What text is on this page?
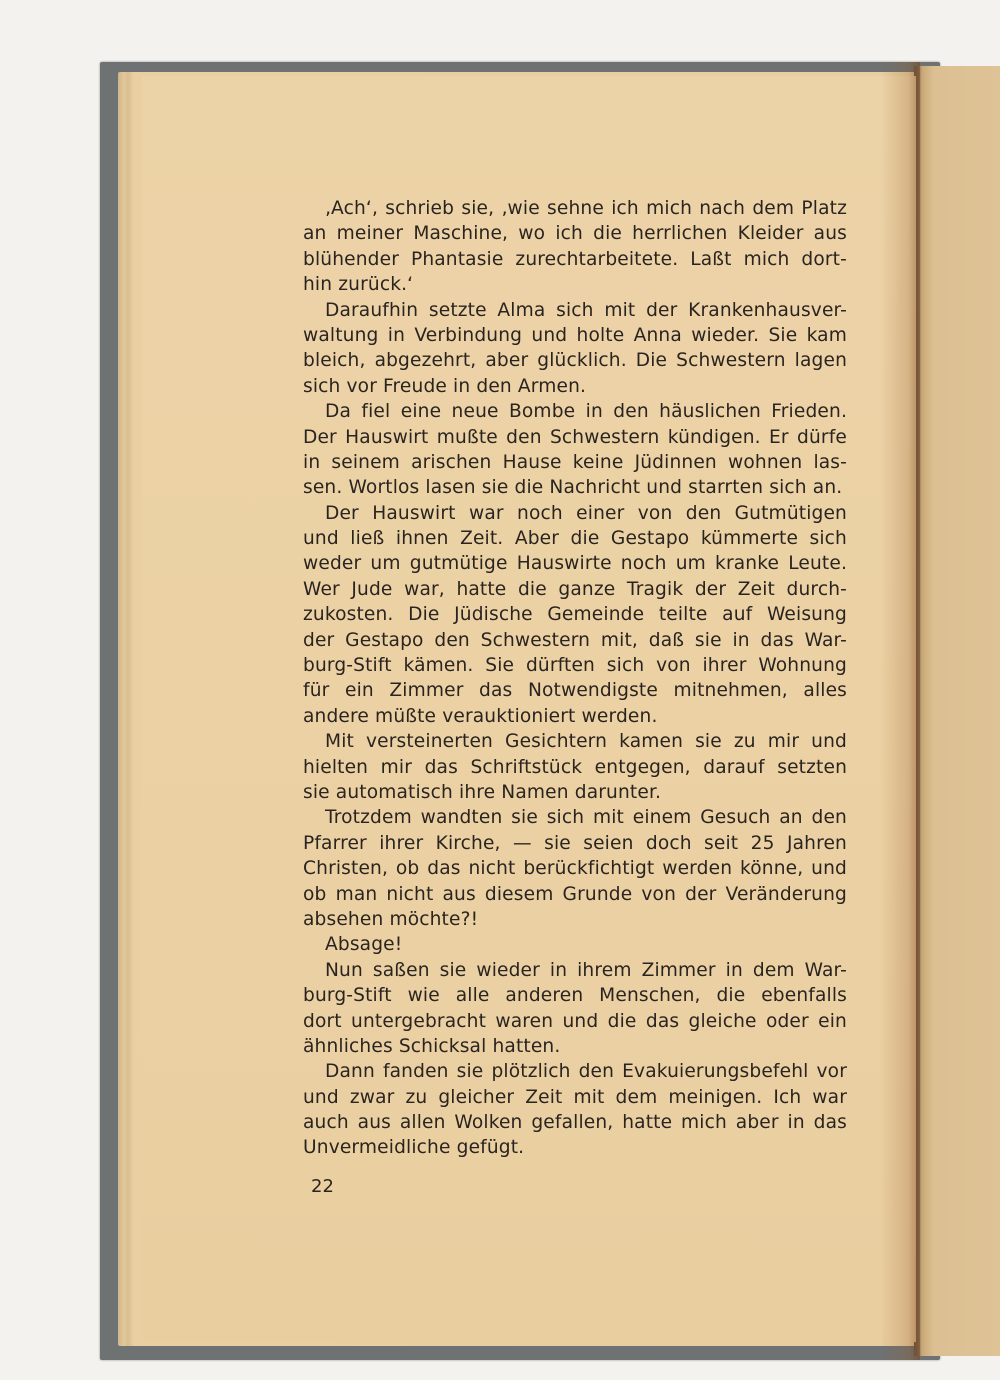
‚Ach‘, schrieb sie, ‚wie sehne ich mich nach dem Platz
an meiner Maschine, wo ich die herrlichen Kleider aus
blühender Phantasie zurechtarbeitete. Laßt mich dort-
hin zurück.‘
Daraufhin setzte Alma sich mit der Krankenhausver-
waltung in Verbindung und holte Anna wieder. Sie kam
bleich, abgezehrt, aber glücklich. Die Schwestern lagen
sich vor Freude in den Armen.
Da fiel eine neue Bombe in den häuslichen Frieden.
Der Hauswirt mußte den Schwestern kündigen. Er dürfe
in seinem arischen Hause keine Jüdinnen wohnen las-
sen. Wortlos lasen sie die Nachricht und starrten sich an.
Der Hauswirt war noch einer von den Gutmütigen
und ließ ihnen Zeit. Aber die Gestapo kümmerte sich
weder um gutmütige Hauswirte noch um kranke Leute.
Wer Jude war, hatte die ganze Tragik der Zeit durch-
zukosten. Die Jüdische Gemeinde teilte auf Weisung
der Gestapo den Schwestern mit, daß sie in das War-
burg-Stift kämen. Sie dürften sich von ihrer Wohnung
für ein Zimmer das Notwendigste mitnehmen, alles
andere müßte verauktioniert werden.
Mit versteinerten Gesichtern kamen sie zu mir und
hielten mir das Schriftstück entgegen, darauf setzten
sie automatisch ihre Namen darunter.
Trotzdem wandten sie sich mit einem Gesuch an den
Pfarrer ihrer Kirche, — sie seien doch seit 25 Jahren
Christen, ob das nicht berückfichtigt werden könne, und
ob man nicht aus diesem Grunde von der Veränderung
absehen möchte?!
Absage!
Nun saßen sie wieder in ihrem Zimmer in dem War-
burg-Stift wie alle anderen Menschen, die ebenfalls
dort untergebracht waren und die das gleiche oder ein
ähnliches Schicksal hatten.
Dann fanden sie plötzlich den Evakuierungsbefehl vor
und zwar zu gleicher Zeit mit dem meinigen. Ich war
auch aus allen Wolken gefallen, hatte mich aber in das
Unvermeidliche gefügt.
22
